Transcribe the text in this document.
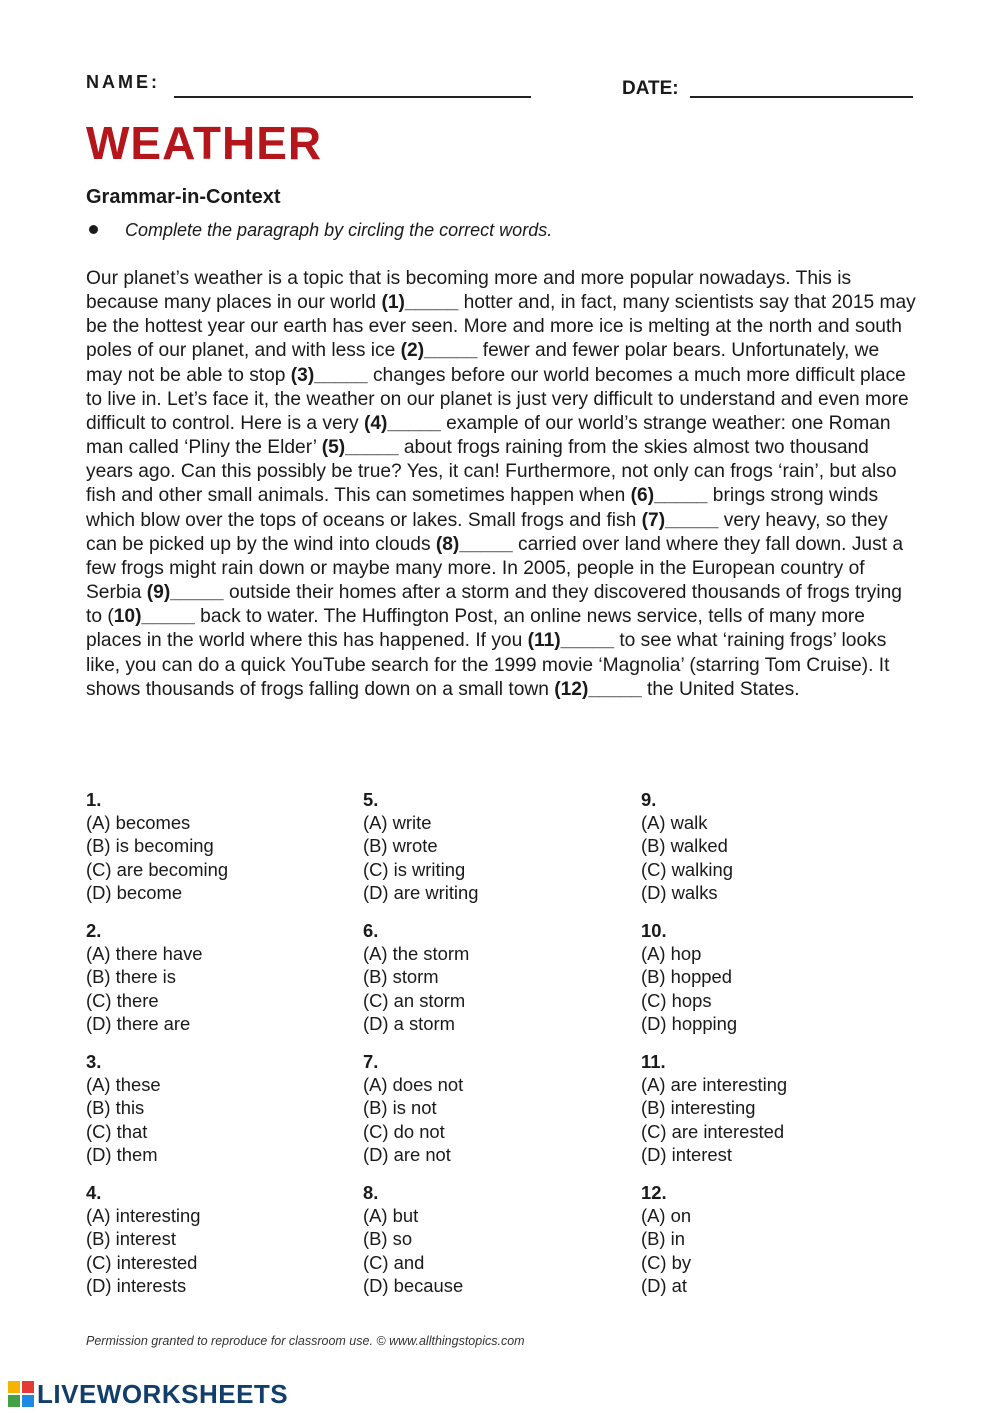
NAME:	DATE:
WEATHER
Grammar-in-Context
Complete the paragraph by circling the correct words.

Our planet’s weather is a topic that is becoming more and more popular nowadays. This is because many places in our world (1)_____ hotter and, in fact, many scientists say that 2015 may be the hottest year our earth has ever seen. More and more ice is melting at the north and south poles of our planet, and with less ice (2)_____ fewer and fewer polar bears. Unfortunately, we may not be able to stop (3)_____ changes before our world becomes a much more difficult place to live in. Let’s face it, the weather on our planet is just very difficult to understand and even more difficult to control. Here is a very (4)_____ example of our world’s strange weather: one Roman man called ‘Pliny the Elder’ (5)_____ about frogs raining from the skies almost two thousand years ago. Can this possibly be true? Yes, it can! Furthermore, not only can frogs ‘rain’, but also fish and other small animals. This can sometimes happen when (6)_____ brings strong winds which blow over the tops of oceans or lakes. Small frogs and fish (7)_____ very heavy, so they can be picked up by the wind into clouds (8)_____ carried over land where they fall down. Just a few frogs might rain down or maybe many more. In 2005, people in the European country of Serbia (9)_____ outside their homes after a storm and they discovered thousands of frogs trying to (10)_____ back to water. The Huffington Post, an online news service, tells of many more places in the world where this has happened. If you (11)_____ to see what ‘raining frogs’ looks like, you can do a quick YouTube search for the 1999 movie ‘Magnolia’ (starring Tom Cruise). It shows thousands of frogs falling down on a small town (12)_____ the United States.

1.
(A) becomes
(B) is becoming
(C) are becoming
(D) become
2.
(A) there have
(B) there is
(C) there
(D) there are
3.
(A) these
(B) this
(C) that
(D) them
4.
(A) interesting
(B) interest
(C) interested
(D) interests
5.
(A) write
(B) wrote
(C) is writing
(D) are writing
6.
(A) the storm
(B) storm
(C) an storm
(D) a storm
7.
(A) does not
(B) is not
(C) do not
(D) are not
8.
(A) but
(B) so
(C) and
(D) because
9.
(A) walk
(B) walked
(C) walking
(D) walks
10.
(A) hop
(B) hopped
(C) hops
(D) hopping
11.
(A) are interesting
(B) interesting
(C) are interested
(D) interest
12.
(A) on
(B) in
(C) by
(D) at
Permission granted to reproduce for classroom use. © www.allthingstopics.com
LIVEWORKSHEETS
